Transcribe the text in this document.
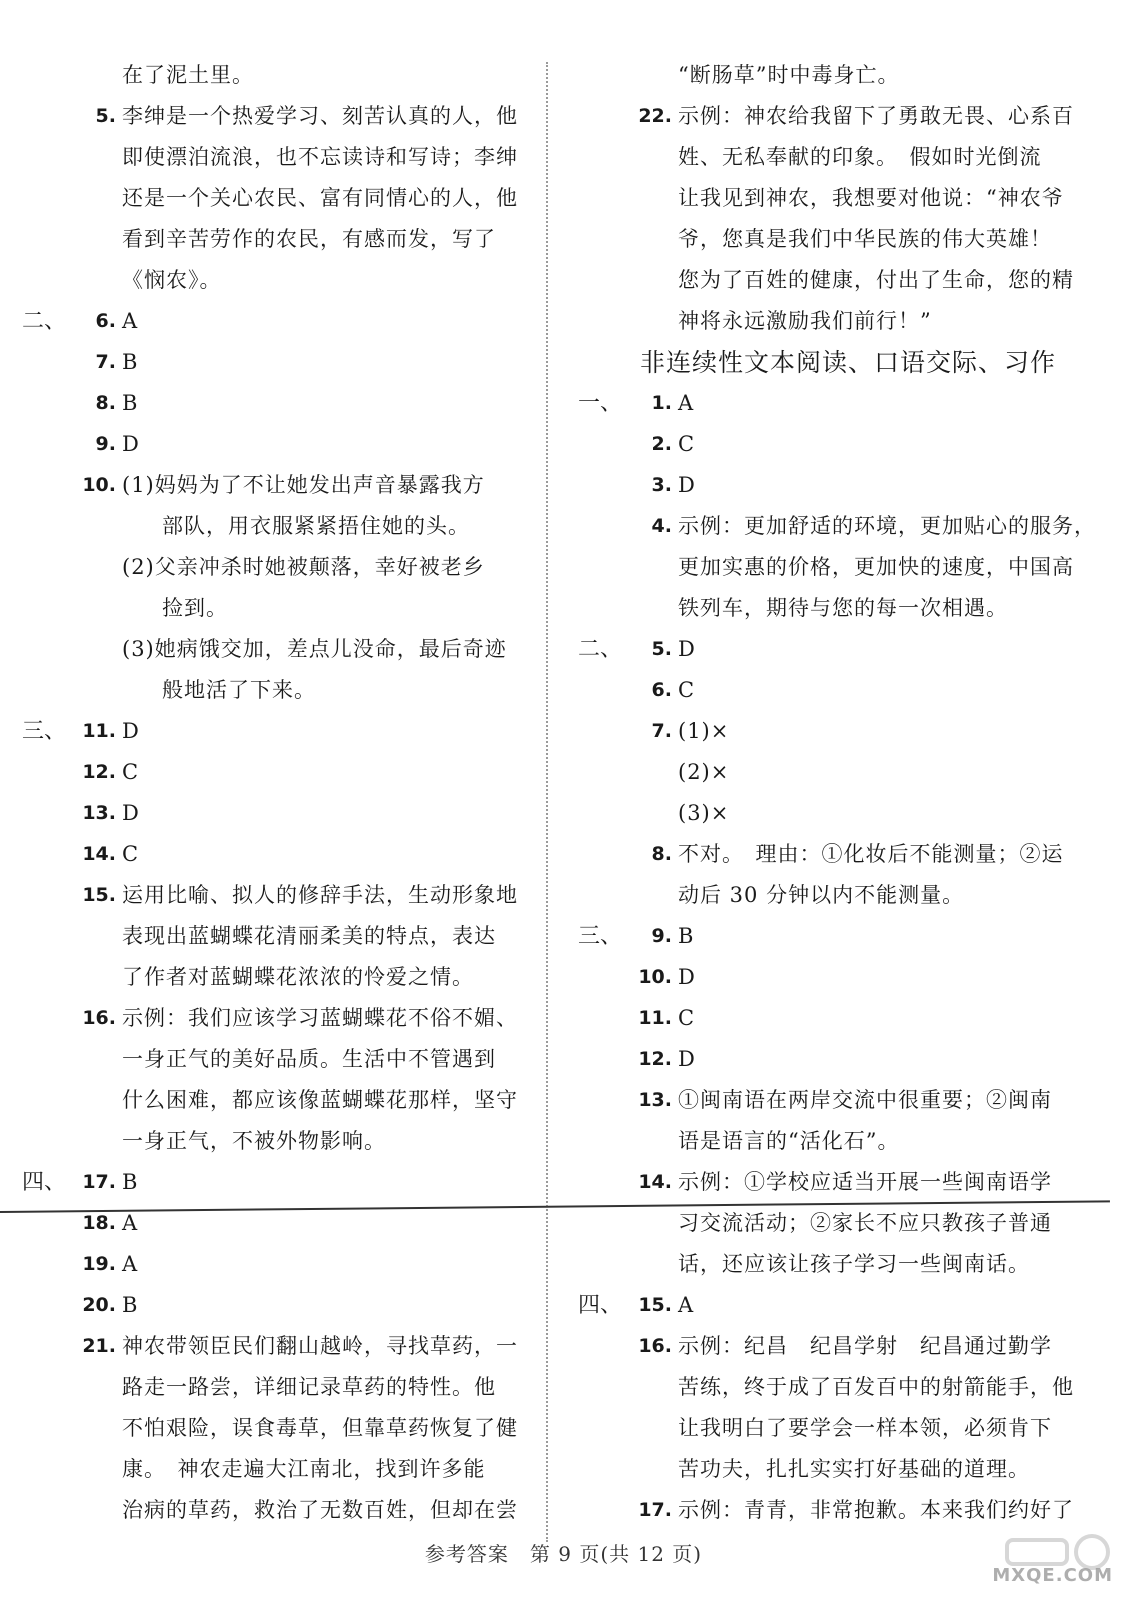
在了泥土里。
5. 李绅是一个热爱学习、刻苦认真的人，他
即使漂泊流浪，也不忘读诗和写诗；李绅
还是一个关心农民、富有同情心的人，他
看到辛苦劳作的农民，有感而发，写了
《悯农》。
二、	6. A
7. B
8. B
9. D
10. (1)妈妈为了不让她发出声音暴露我方
部队，用衣服紧紧捂住她的头。
(2)父亲冲杀时她被颠落，幸好被老乡
捡到。
(3)她病饿交加，差点儿没命，最后奇迹
般地活了下来。
三、 11. D
12. C
13. D
14. C
15. 运用比喻、拟人的修辞手法，生动形象地
表现出蓝蝴蝶花清丽柔美的特点，表达
了作者对蓝蝴蝶花浓浓的怜爱之情。
16. 示例：我们应该学习蓝蝴蝶花不俗不媚、
一身正气的美好品质。生活中不管遇到
什么困难，都应该像蓝蝴蝶花那样，坚守
一身正气，不被外物影响。
四、 17. B
18. A
19. A
20. B
21. 神农带领臣民们翻山越岭，寻找草药，一
路走一路尝，详细记录草药的特性。他
不怕艰险，误食毒草，但靠草药恢复了健
康。　神农走遍大江南北，找到许多能
治病的草药，救治了无数百姓，但却在尝
“断肠草”时中毒身亡。
22. 示例：神农给我留下了勇敢无畏、心系百
姓、无私奉献的印象。　假如时光倒流
让我见到神农，我想要对他说：“神农爷
爷，您真是我们中华民族的伟大英雄！
您为了百姓的健康，付出了生命，您的精
神将永远激励我们前行！”
非连续性文本阅读、口语交际、习作
一、	1. A
2. C
3. D
4. 示例：更加舒适的环境，更加贴心的服务，
更加实惠的价格，更加快的速度，中国高
铁列车，期待与您的每一次相遇。
二、	5. D
6. C
7. (1)×
(2)×
(3)×
8. 不对。　理由：①化妆后不能测量；②运
动后 30 分钟以内不能测量。
三、	9. B
10. D
11. C
12. D
13. ①闽南语在两岸交流中很重要；②闽南
语是语言的“活化石”。
14. 示例：①学校应适当开展一些闽南语学
习交流活动；②家长不应只教孩子普通
话，还应该让孩子学习一些闽南话。
四、 15. A
16. 示例：纪昌　纪昌学射　纪昌通过勤学
苦练，终于成了百发百中的射箭能手，他
让我明白了要学会一样本领，必须肯下
苦功夫，扎扎实实打好基础的道理。
17. 示例：青青，非常抱歉。本来我们约好了
参考答案　第 9 页(共 12 页)
MXQE.COM
